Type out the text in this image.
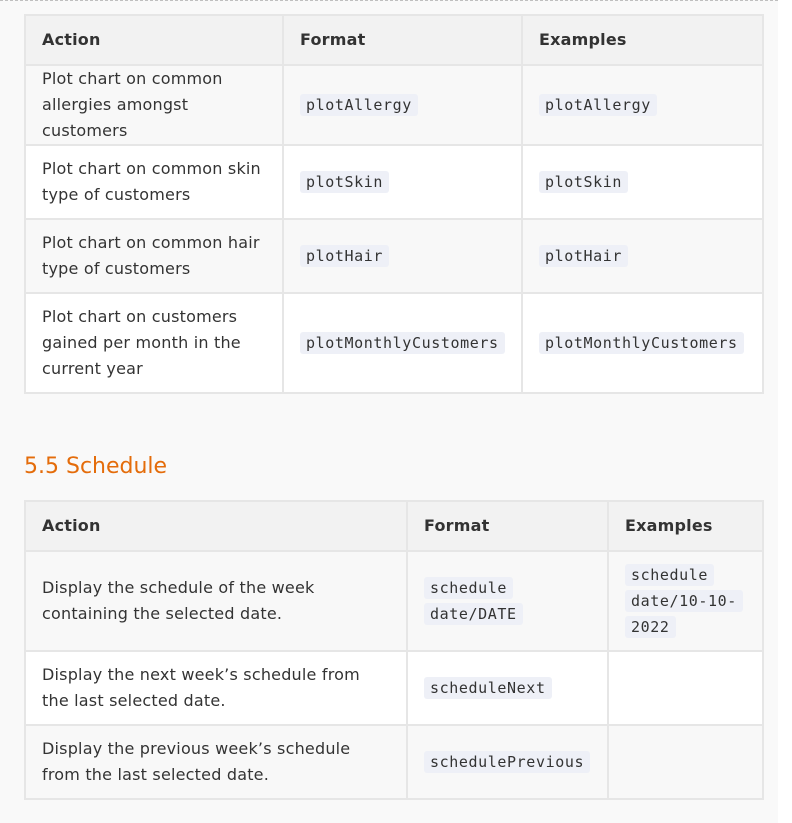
Action	Format	Examples
Plot chart on common allergies amongst customers	plotAllergy	plotAllergy
Plot chart on common skin type of customers	plotSkin	plotSkin
Plot chart on common hair type of customers	plotHair	plotHair
Plot chart on customers gained per month in the current year	plotMonthlyCustomers	plotMonthlyCustomers
5.5 Schedule
Action	Format	Examples
Display the schedule of the week containing the selected date.	schedule date/DATE	schedule date/10-10-2022
Display the next week’s schedule from the last selected date.	scheduleNext	
Display the previous week’s schedule from the last selected date.	schedulePrevious	
